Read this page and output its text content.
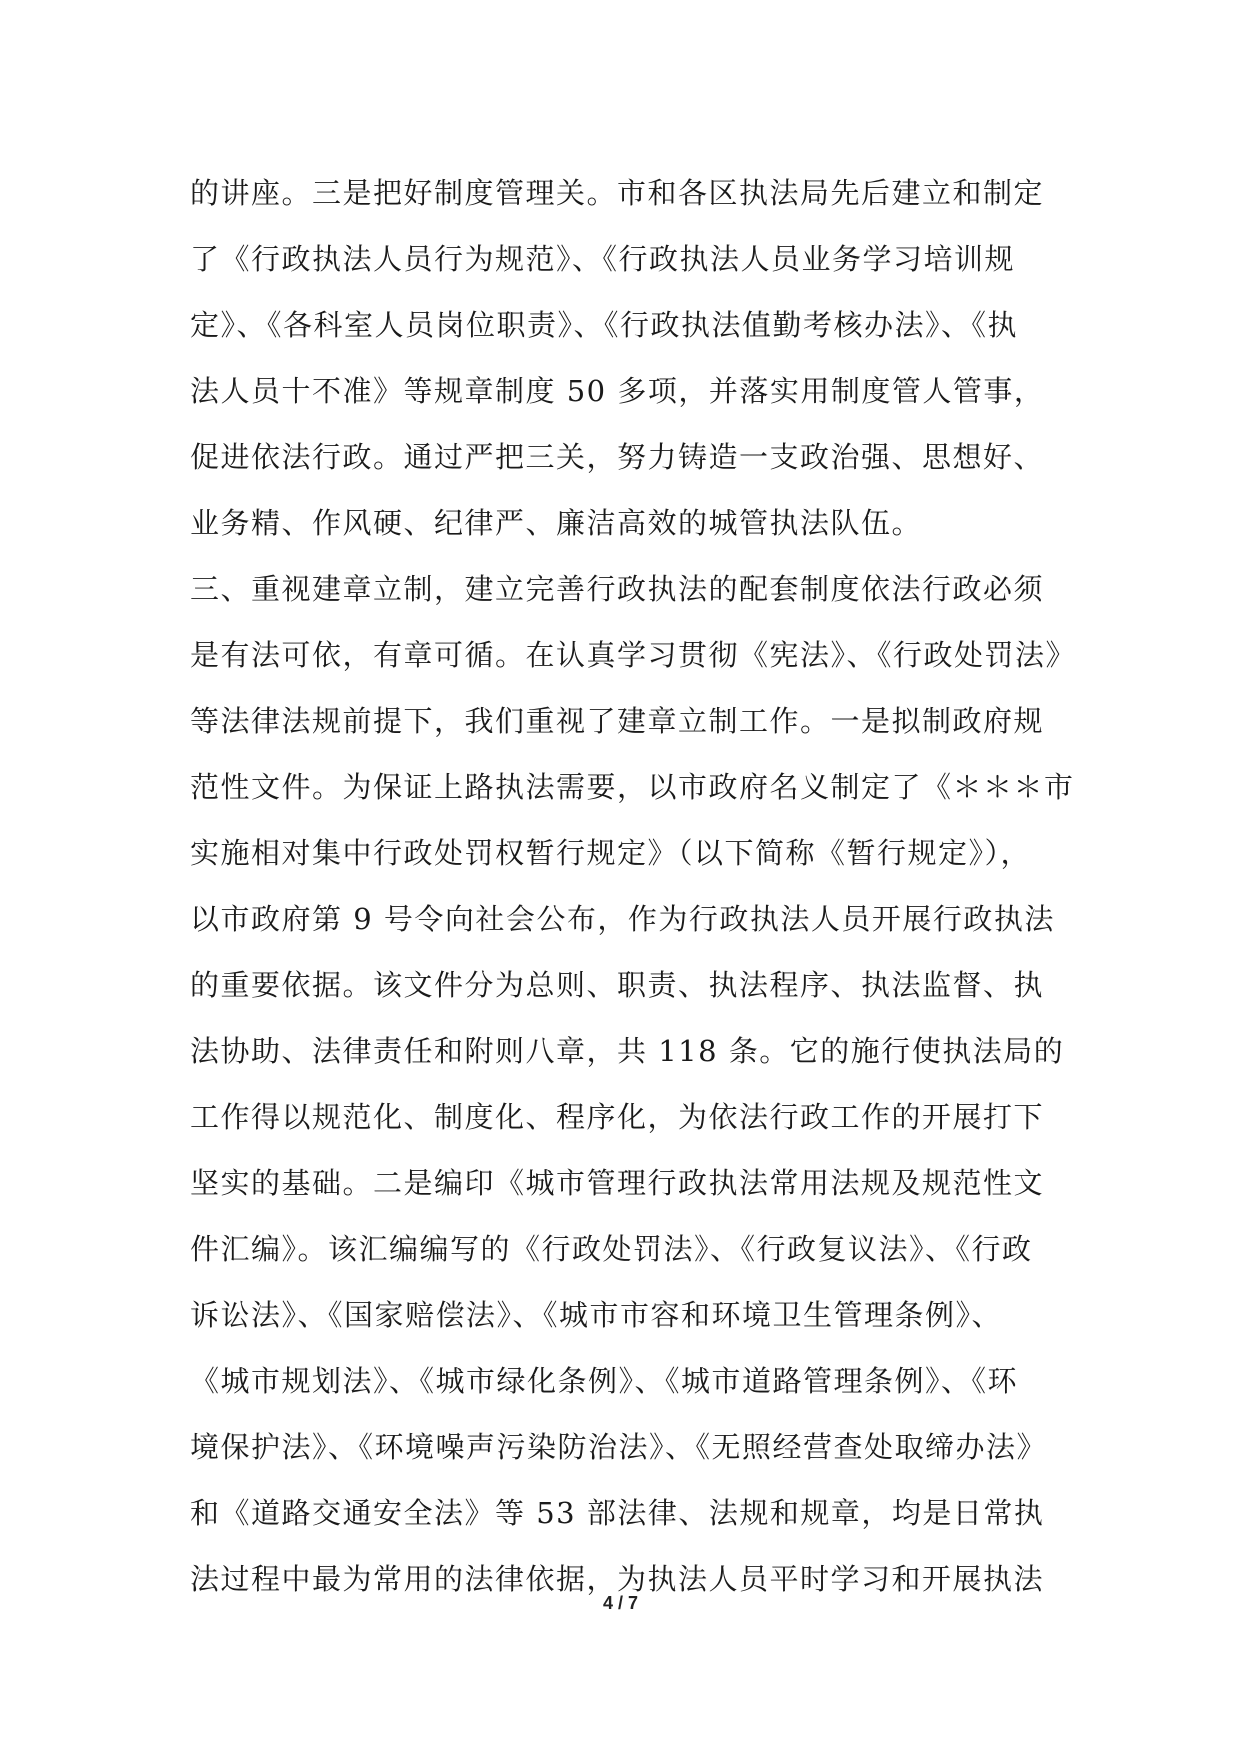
的讲座。三是把好制度管理关。市和各区执法局先后建立和制定
了《行政执法人员行为规范》、《行政执法人员业务学习培训规
定》、《各科室人员岗位职责》、《行政执法值勤考核办法》、《执
法人员十不准》等规章制度 50 多项，并落实用制度管人管事，
促进依法行政。通过严把三关，努力铸造一支政治强、思想好、
业务精、作风硬、纪律严、廉洁高效的城管执法队伍。
三、重视建章立制，建立完善行政执法的配套制度依法行政必须
是有法可依，有章可循。在认真学习贯彻《宪法》、《行政处罚法》
等法律法规前提下，我们重视了建章立制工作。一是拟制政府规
范性文件。为保证上路执法需要，以市政府名义制定了《＊＊＊市
实施相对集中行政处罚权暂行规定》（以下简称《暂行规定》），
以市政府第 9 号令向社会公布，作为行政执法人员开展行政执法
的重要依据。该文件分为总则、职责、执法程序、执法监督、执
法协助、法律责任和附则八章，共 118 条。它的施行使执法局的
工作得以规范化、制度化、程序化，为依法行政工作的开展打下
坚实的基础。二是编印《城市管理行政执法常用法规及规范性文
件汇编》。该汇编编写的《行政处罚法》、《行政复议法》、《行政
诉讼法》、《国家赔偿法》、《城市市容和环境卫生管理条例》、
《城市规划法》、《城市绿化条例》、《城市道路管理条例》、《环
境保护法》、《环境噪声污染防治法》、《无照经营查处取缔办法》
和《道路交通安全法》等 53 部法律、法规和规章，均是日常执
法过程中最为常用的法律依据，为执法人员平时学习和开展执法
4 / 7
